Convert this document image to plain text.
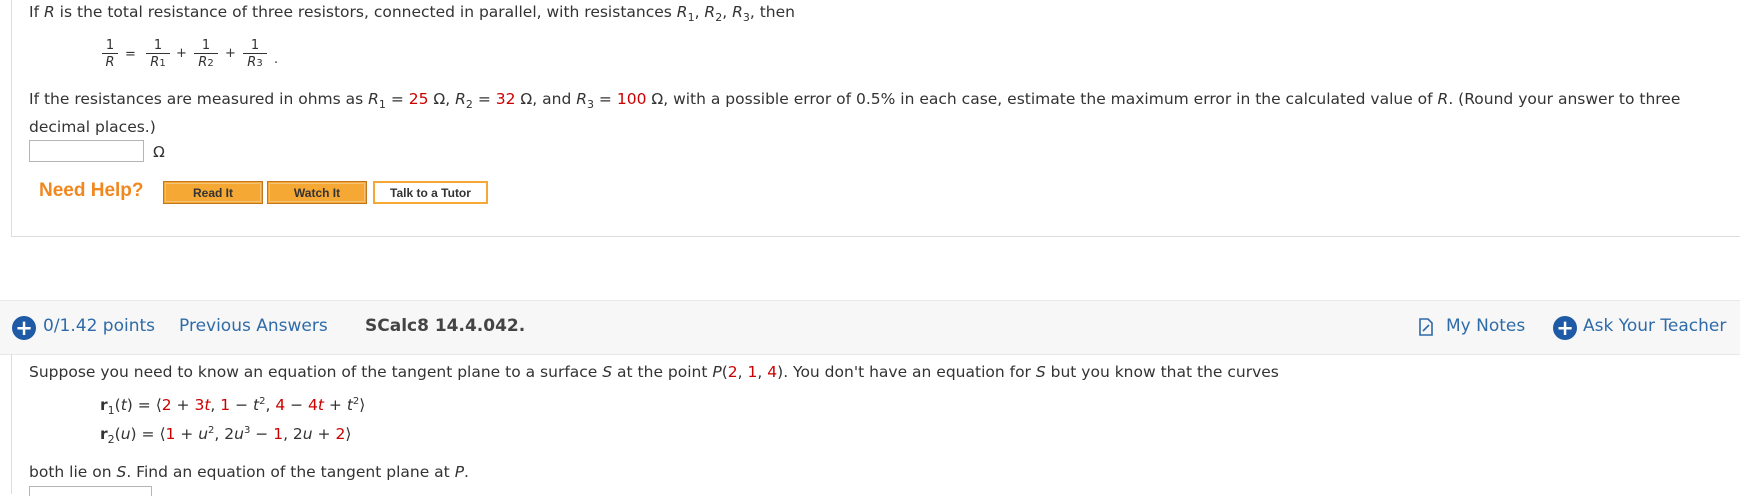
If R is the total resistance of three resistors, connected in parallel, with resistances $R_1$, $R_2$, $R_3$, then
$\frac{1}{R} = \frac{1}{R1} + \frac{1}{R2} + \frac{1}{R3}$ .
If the resistances are measured in ohms as $R_1 = 25$ Ω, $R_2 = 32$ Ω, and $R_3 = 100$ Ω, with a possible error of 0.5% in each case, estimate the maximum error in the calculated value of R. (Round your answer to three
decimal places.)
Ω
Need Help?	Read It	Watch It	Talk to a Tutor
+ 0/1.42 points Previous Answers SCalc8 14.4.042.	My Notes + Ask Your Teacher
Suppose you need to know an equation of the tangent plane to a surface S at the point P(2, 1, 4). You don't have an equation for S but you know that the curves
$r_1(t)$ = ⟨2 + 3t, $1 - t^2$, $4 - 4t + t^2⟩$
$r_2(u)$ = ⟨1 + $u^2$, $2u^3 - 1$, 2u + 2⟩
both lie on S. Find an equation of the tangent plane at P.
